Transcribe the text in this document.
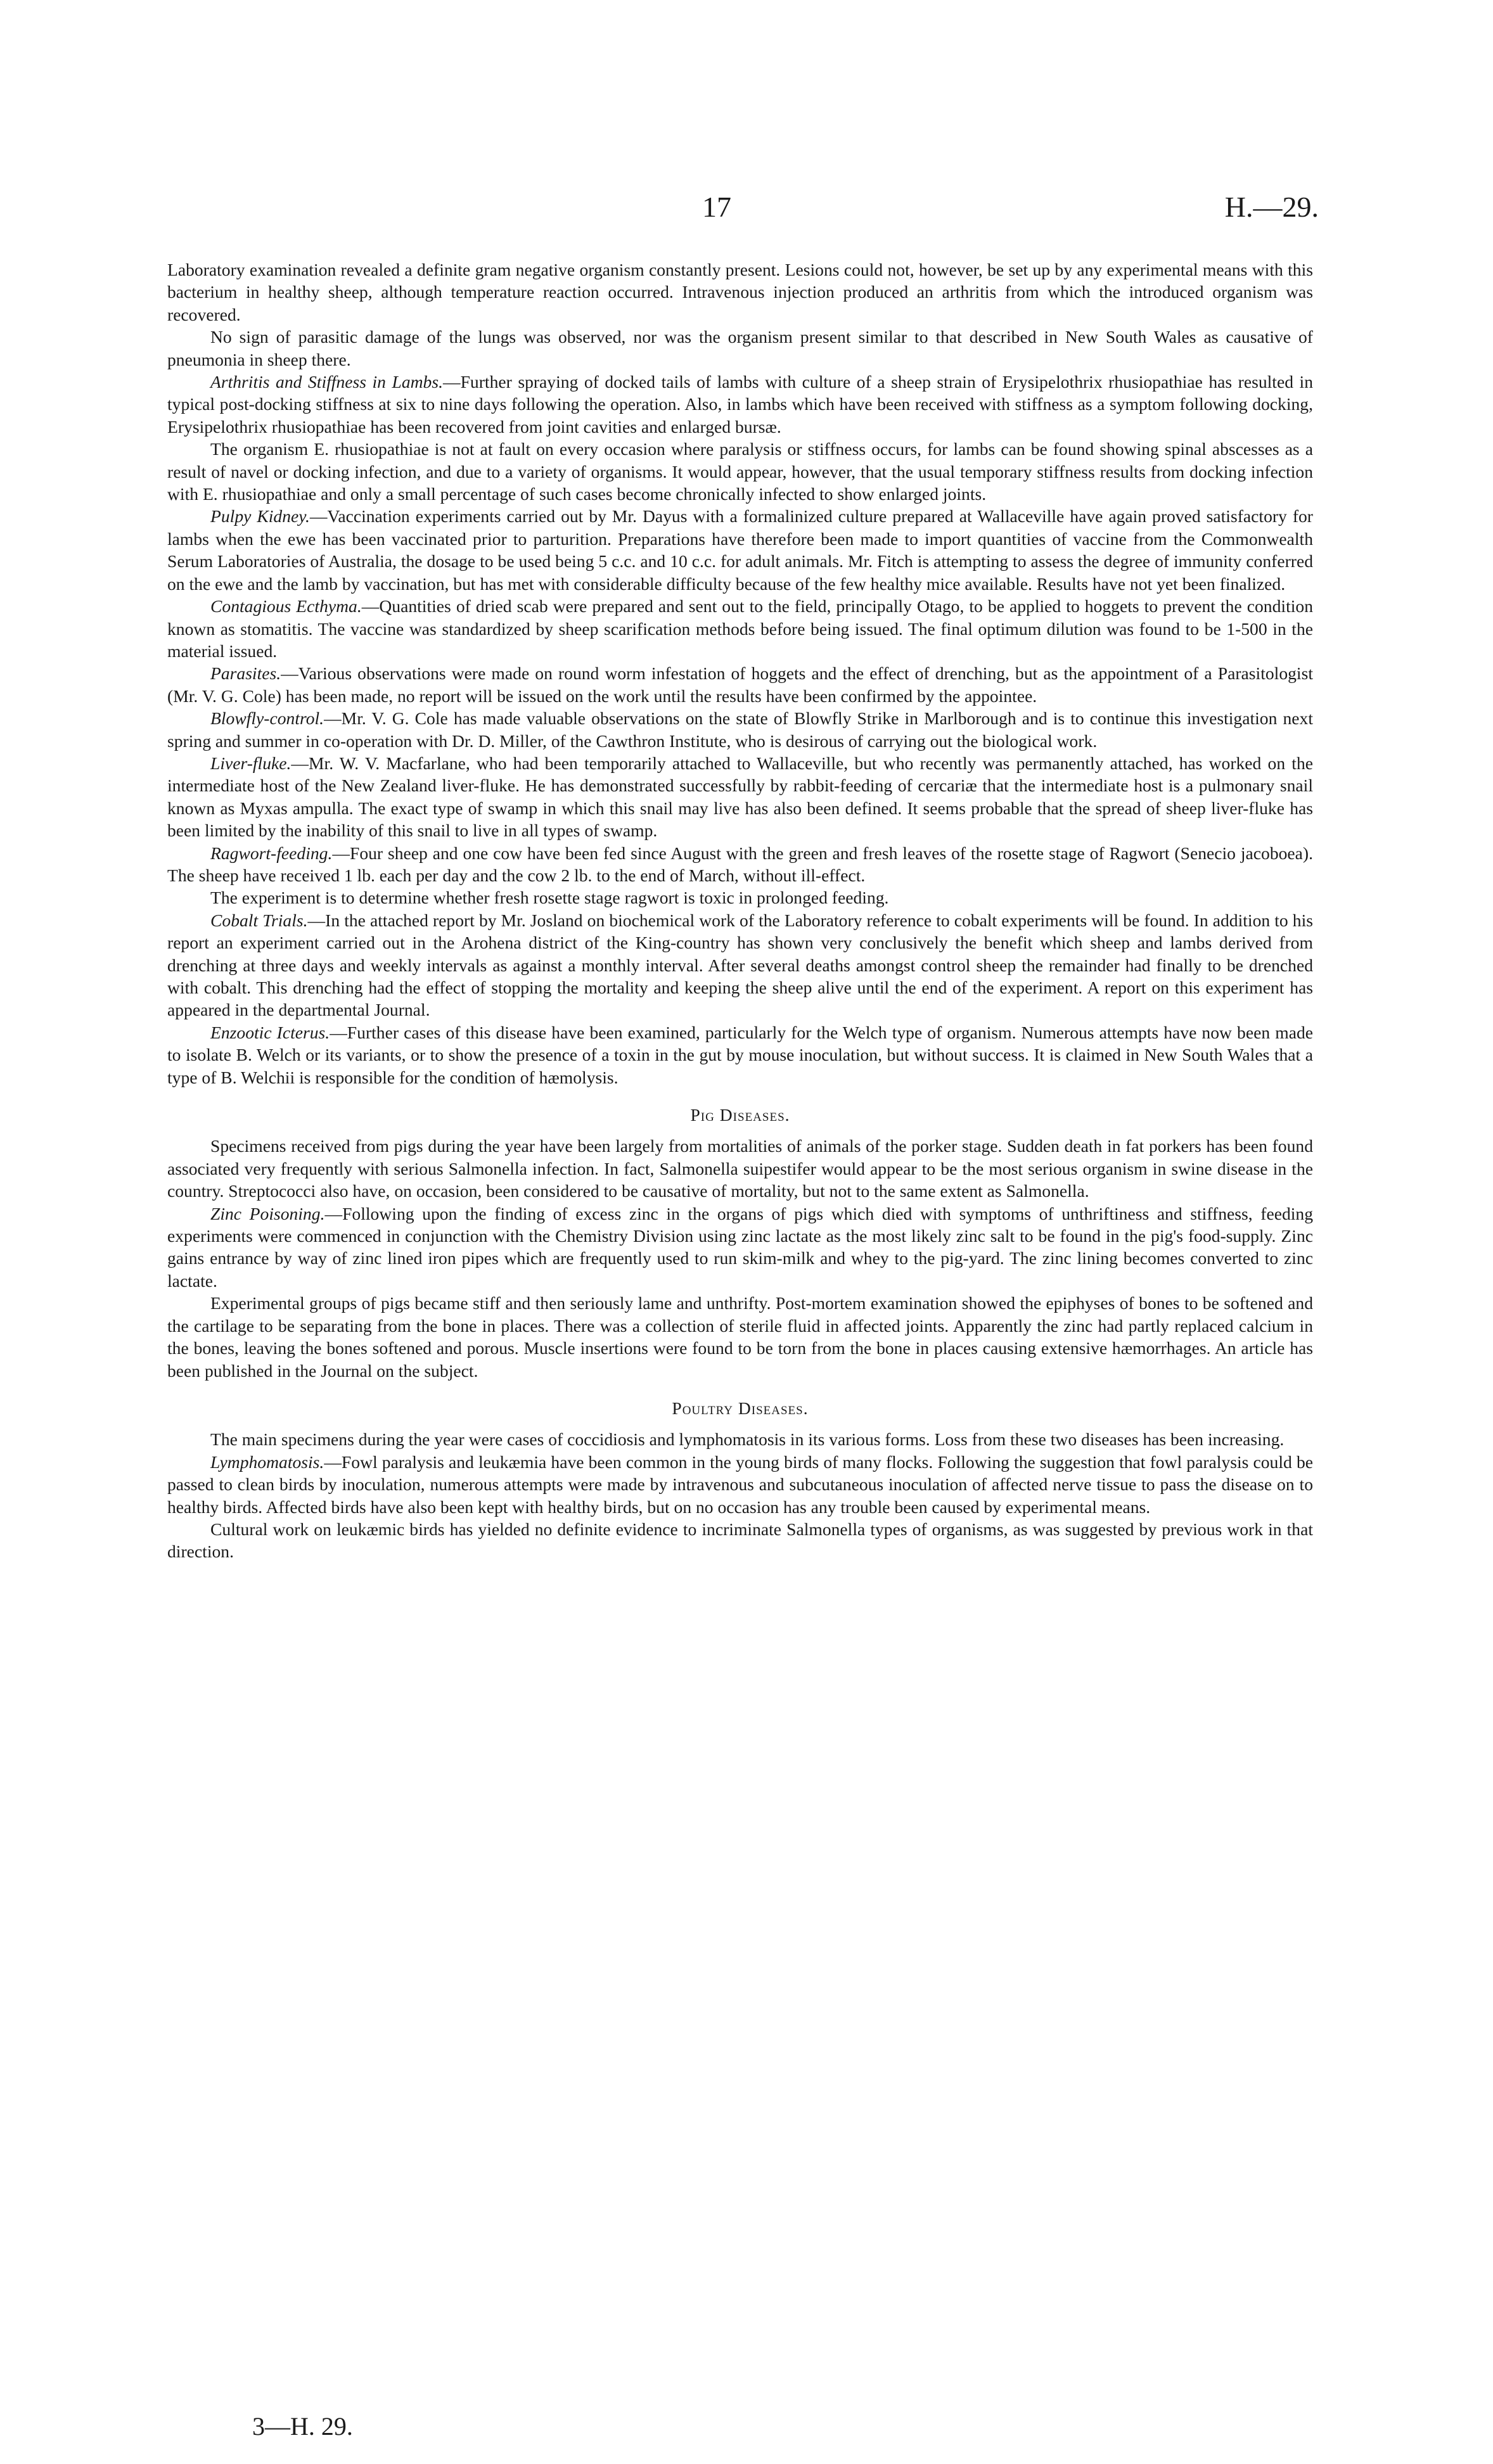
17	H.—29.

Laboratory examination revealed a definite gram negative organism constantly present. Lesions could not, however, be set up by any experimental means with this bacterium in healthy sheep, although temperature reaction occurred. Intravenous injection produced an arthritis from which the introduced organism was recovered.

No sign of parasitic damage of the lungs was observed, nor was the organism present similar to that described in New South Wales as causative of pneumonia in sheep there.

Arthritis and Stiffness in Lambs.—Further spraying of docked tails of lambs with culture of a sheep strain of Erysipelothrix rhusiopathiae has resulted in typical post-docking stiffness at six to nine days following the operation. Also, in lambs which have been received with stiffness as a symptom following docking, Erysipelothrix rhusiopathiae has been recovered from joint cavities and enlarged bursæ.

The organism E. rhusiopathiae is not at fault on every occasion where paralysis or stiffness occurs, for lambs can be found showing spinal abscesses as a result of navel or docking infection, and due to a variety of organisms. It would appear, however, that the usual temporary stiffness results from docking infection with E. rhusiopathiae and only a small percentage of such cases become chronically infected to show enlarged joints.

Pulpy Kidney.—Vaccination experiments carried out by Mr. Dayus with a formalinized culture prepared at Wallaceville have again proved satisfactory for lambs when the ewe has been vaccinated prior to parturition. Preparations have therefore been made to import quantities of vaccine from the Commonwealth Serum Laboratories of Australia, the dosage to be used being 5 c.c. and 10 c.c. for adult animals. Mr. Fitch is attempting to assess the degree of immunity conferred on the ewe and the lamb by vaccination, but has met with considerable difficulty because of the few healthy mice available. Results have not yet been finalized.

Contagious Ecthyma.—Quantities of dried scab were prepared and sent out to the field, principally Otago, to be applied to hoggets to prevent the condition known as stomatitis. The vaccine was standardized by sheep scarification methods before being issued. The final optimum dilution was found to be 1-500 in the material issued.

Parasites.—Various observations were made on round worm infestation of hoggets and the effect of drenching, but as the appointment of a Parasitologist (Mr. V. G. Cole) has been made, no report will be issued on the work until the results have been confirmed by the appointee.

Blowfly-control.—Mr. V. G. Cole has made valuable observations on the state of Blowfly Strike in Marlborough and is to continue this investigation next spring and summer in co-operation with Dr. D. Miller, of the Cawthron Institute, who is desirous of carrying out the biological work.

Liver-fluke.—Mr. W. V. Macfarlane, who had been temporarily attached to Wallaceville, but who recently was permanently attached, has worked on the intermediate host of the New Zealand liver-fluke. He has demonstrated successfully by rabbit-feeding of cercariæ that the intermediate host is a pulmonary snail known as Myxas ampulla. The exact type of swamp in which this snail may live has also been defined. It seems probable that the spread of sheep liver-fluke has been limited by the inability of this snail to live in all types of swamp.

Ragwort-feeding.—Four sheep and one cow have been fed since August with the green and fresh leaves of the rosette stage of Ragwort (Senecio jacoboea). The sheep have received 1 lb. each per day and the cow 2 lb. to the end of March, without ill-effect.

The experiment is to determine whether fresh rosette stage ragwort is toxic in prolonged feeding.

Cobalt Trials.—In the attached report by Mr. Josland on biochemical work of the Laboratory reference to cobalt experiments will be found. In addition to his report an experiment carried out in the Arohena district of the King-country has shown very conclusively the benefit which sheep and lambs derived from drenching at three days and weekly intervals as against a monthly interval. After several deaths amongst control sheep the remainder had finally to be drenched with cobalt. This drenching had the effect of stopping the mortality and keeping the sheep alive until the end of the experiment. A report on this experiment has appeared in the departmental Journal.

Enzootic Icterus.—Further cases of this disease have been examined, particularly for the Welch type of organism. Numerous attempts have now been made to isolate B. Welch or its variants, or to show the presence of a toxin in the gut by mouse inoculation, but without success. It is claimed in New South Wales that a type of B. Welchii is responsible for the condition of hæmolysis.

Pig Diseases.

Specimens received from pigs during the year have been largely from mortalities of animals of the porker stage. Sudden death in fat porkers has been found associated very frequently with serious Salmonella infection. In fact, Salmonella suipestifer would appear to be the most serious organism in swine disease in the country. Streptococci also have, on occasion, been considered to be causative of mortality, but not to the same extent as Salmonella.

Zinc Poisoning.—Following upon the finding of excess zinc in the organs of pigs which died with symptoms of unthriftiness and stiffness, feeding experiments were commenced in conjunction with the Chemistry Division using zinc lactate as the most likely zinc salt to be found in the pig's food-supply. Zinc gains entrance by way of zinc lined iron pipes which are frequently used to run skim-milk and whey to the pig-yard. The zinc lining becomes converted to zinc lactate.

Experimental groups of pigs became stiff and then seriously lame and unthrifty. Post-mortem examination showed the epiphyses of bones to be softened and the cartilage to be separating from the bone in places. There was a collection of sterile fluid in affected joints. Apparently the zinc had partly replaced calcium in the bones, leaving the bones softened and porous. Muscle insertions were found to be torn from the bone in places causing extensive hæmorrhages. An article has been published in the Journal on the subject.

Poultry Diseases.

The main specimens during the year were cases of coccidiosis and lymphomatosis in its various forms. Loss from these two diseases has been increasing.

Lymphomatosis.—Fowl paralysis and leukæmia have been common in the young birds of many flocks. Following the suggestion that fowl paralysis could be passed to clean birds by inoculation, numerous attempts were made by intravenous and subcutaneous inoculation of affected nerve tissue to pass the disease on to healthy birds. Affected birds have also been kept with healthy birds, but on no occasion has any trouble been caused by experimental means.

Cultural work on leukæmic birds has yielded no definite evidence to incriminate Salmonella types of organisms, as was suggested by previous work in that direction.

3—H. 29.
